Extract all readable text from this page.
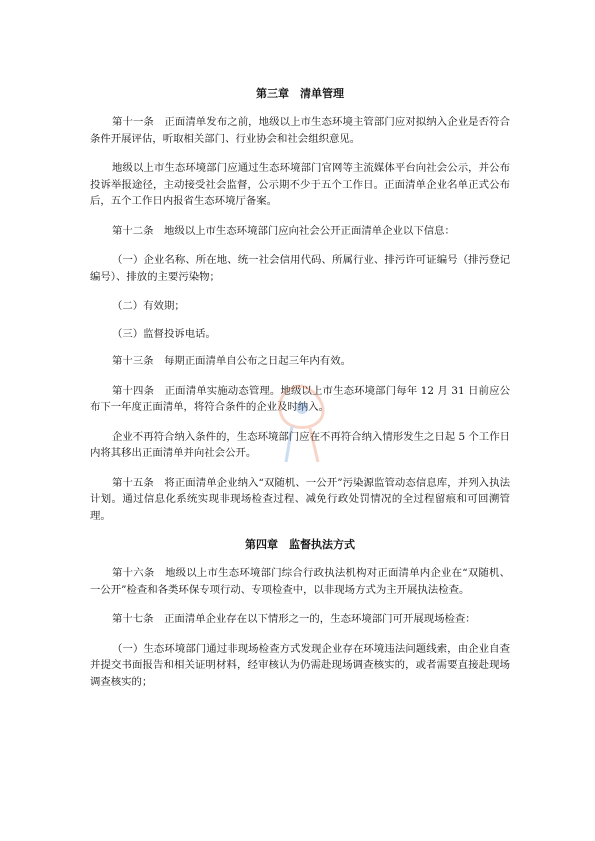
第三章　清单管理

第十一条　正面清单发布之前，地级以上市生态环境主管部门应对拟纳入企业是否符合条件开展评估，听取相关部门、行业协会和社会组织意见。

地级以上市生态环境部门应通过生态环境部门官网等主流媒体平台向社会公示，并公布投诉举报途径，主动接受社会监督，公示期不少于五个工作日。正面清单企业名单正式公布后，五个工作日内报省生态环境厅备案。

第十二条　地级以上市生态环境部门应向社会公开正面清单企业以下信息：

（一）企业名称、所在地、统一社会信用代码、所属行业、排污许可证编号（排污登记编号）、排放的主要污染物；

（二）有效期；

（三）监督投诉电话。

第十三条　每期正面清单自公布之日起三年内有效。

第十四条　正面清单实施动态管理。地级以上市生态环境部门每年 12 月 31 日前应公布下一年度正面清单，将符合条件的企业及时纳入。

企业不再符合纳入条件的，生态环境部门应在不再符合纳入情形发生之日起 5 个工作日内将其移出正面清单并向社会公开。

第十五条　将正面清单企业纳入“双随机、一公开”污染源监管动态信息库，并列入执法计划。通过信息化系统实现非现场检查过程、减免行政处罚情况的全过程留痕和可回溯管理。

第四章　监督执法方式

第十六条　地级以上市生态环境部门综合行政执法机构对正面清单内企业在“双随机、一公开”检查和各类环保专项行动、专项检查中，以非现场方式为主开展执法检查。

第十七条　正面清单企业存在以下情形之一的，生态环境部门可开展现场检查：

（一）生态环境部门通过非现场检查方式发现企业存在环境违法问题线索，由企业自查并提交书面报告和相关证明材料，经审核认为仍需赴现场调查核实的，或者需要直接赴现场调查核实的；
